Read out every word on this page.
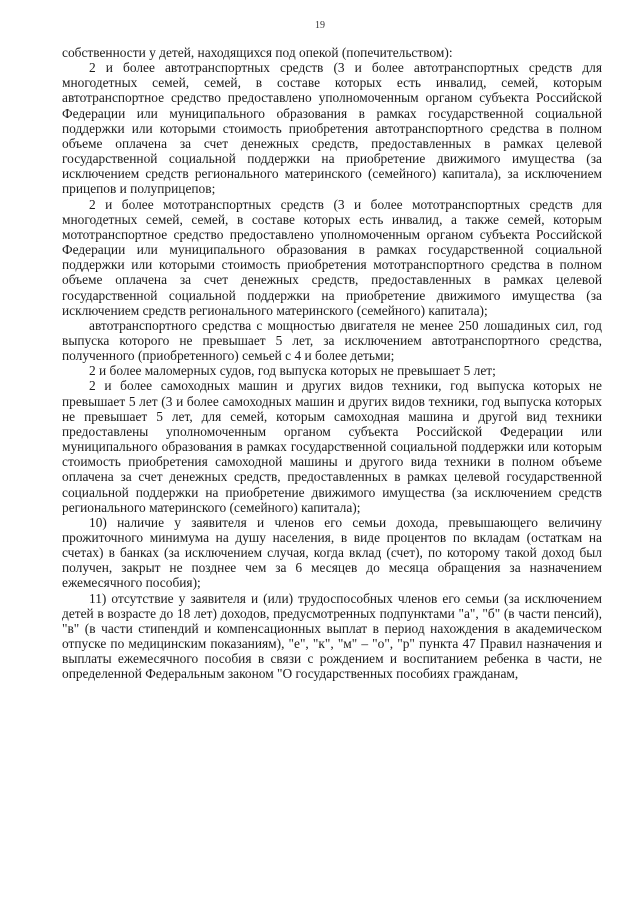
19

собственности у детей, находящихся под опекой (попечительством):

2 и более автотранспортных средств (3 и более автотранспортных средств для многодетных семей, семей, в составе которых есть инвалид, семей, которым автотранспортное средство предоставлено уполномоченным органом субъекта Российской Федерации или муниципального образования в рамках государственной социальной поддержки или которыми стоимость приобретения автотранспортного средства в полном объеме оплачена за счет денежных средств, предоставленных в рамках целевой государственной социальной поддержки на приобретение движимого имущества (за исключением средств регионального материнского (семейного) капитала), за исключением прицепов и полуприцепов;

2 и более мототранспортных средств (3 и более мототранспортных средств для многодетных семей, семей, в составе которых есть инвалид, а также семей, которым мототранспортное средство предоставлено уполномоченным органом субъекта Российской Федерации или муниципального образования в рамках государственной социальной поддержки или которыми стоимость приобретения мототранспортного средства в полном объеме оплачена за счет денежных средств, предоставленных в рамках целевой государственной социальной поддержки на приобретение движимого имущества (за исключением средств регионального материнского (семейного) капитала);

автотранспортного средства с мощностью двигателя не менее 250 лошадиных сил, год выпуска которого не превышает 5 лет, за исключением автотранспортного средства, полученного (приобретенного) семьей с 4 и более детьми;

2 и более маломерных судов, год выпуска которых не превышает 5 лет;

2 и более самоходных машин и других видов техники, год выпуска которых не превышает 5 лет (3 и более самоходных машин и других видов техники, год выпуска которых не превышает 5 лет, для семей, которым самоходная машина и другой вид техники предоставлены уполномоченным органом субъекта Российской Федерации или муниципального образования в рамках государственной социальной поддержки или которым стоимость приобретения самоходной машины и другого вида техники в полном объеме оплачена за счет денежных средств, предоставленных в рамках целевой государственной социальной поддержки на приобретение движимого имущества (за исключением средств регионального материнского (семейного) капитала);

10) наличие у заявителя и членов его семьи дохода, превышающего величину прожиточного минимума на душу населения, в виде процентов по вкладам (остаткам на счетах) в банках (за исключением случая, когда вклад (счет), по которому такой доход был получен, закрыт не позднее чем за 6 месяцев до месяца обращения за назначением ежемесячного пособия);

11) отсутствие у заявителя и (или) трудоспособных членов его семьи (за исключением детей в возрасте до 18 лет) доходов, предусмотренных подпунктами "а", "б" (в части пенсий), "в" (в части стипендий и компенсационных выплат в период нахождения в академическом отпуске по медицинским показаниям), "е", "к", "м" – "о", "р" пункта 47 Правил назначения и выплаты ежемесячного пособия в связи с рождением и воспитанием ребенка в части, не определенной Федеральным законом "О государственных пособиях гражданам,
